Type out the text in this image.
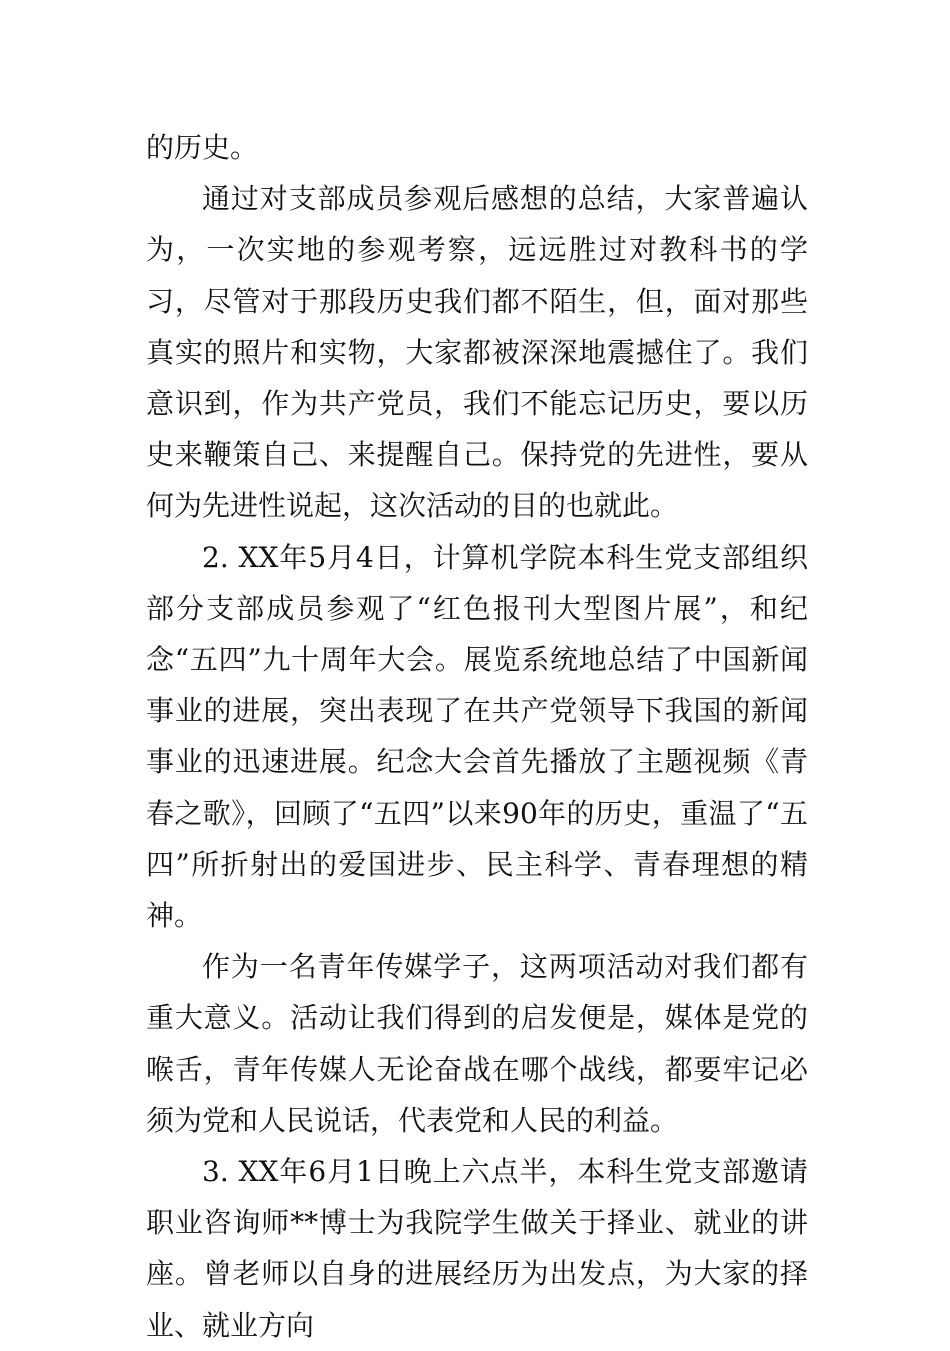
的历史。

通过对支部成员参观后感想的总结，大家普遍认为，一次实地的参观考察，远远胜过对教科书的学习，尽管对于那段历史我们都不陌生，但，面对那些真实的照片和实物，大家都被深深地震撼住了。我们意识到，作为共产党员，我们不能忘记历史，要以历史来鞭策自己、来提醒自己。保持党的先进性，要从何为先进性说起，这次活动的目的也就此。

2. XX年5月4日，计算机学院本科生党支部组织部分支部成员参观了“红色报刊大型图片展”，和纪念“五四”九十周年大会。展览系统地总结了中国新闻事业的进展，突出表现了在共产党领导下我国的新闻事业的迅速进展。纪念大会首先播放了主题视频《青春之歌》，回顾了“五四”以来90年的历史，重温了“五四”所折射出的爱国进步、民主科学、青春理想的精神。

作为一名青年传媒学子，这两项活动对我们都有重大意义。活动让我们得到的启发便是，媒体是党的喉舌，青年传媒人无论奋战在哪个战线，都要牢记必须为党和人民说话，代表党和人民的利益。

3. XX年6月1日晚上六点半，本科生党支部邀请职业咨询师**博士为我院学生做关于择业、就业的讲座。曾老师以自身的进展经历为出发点，为大家的择业、就业方向
